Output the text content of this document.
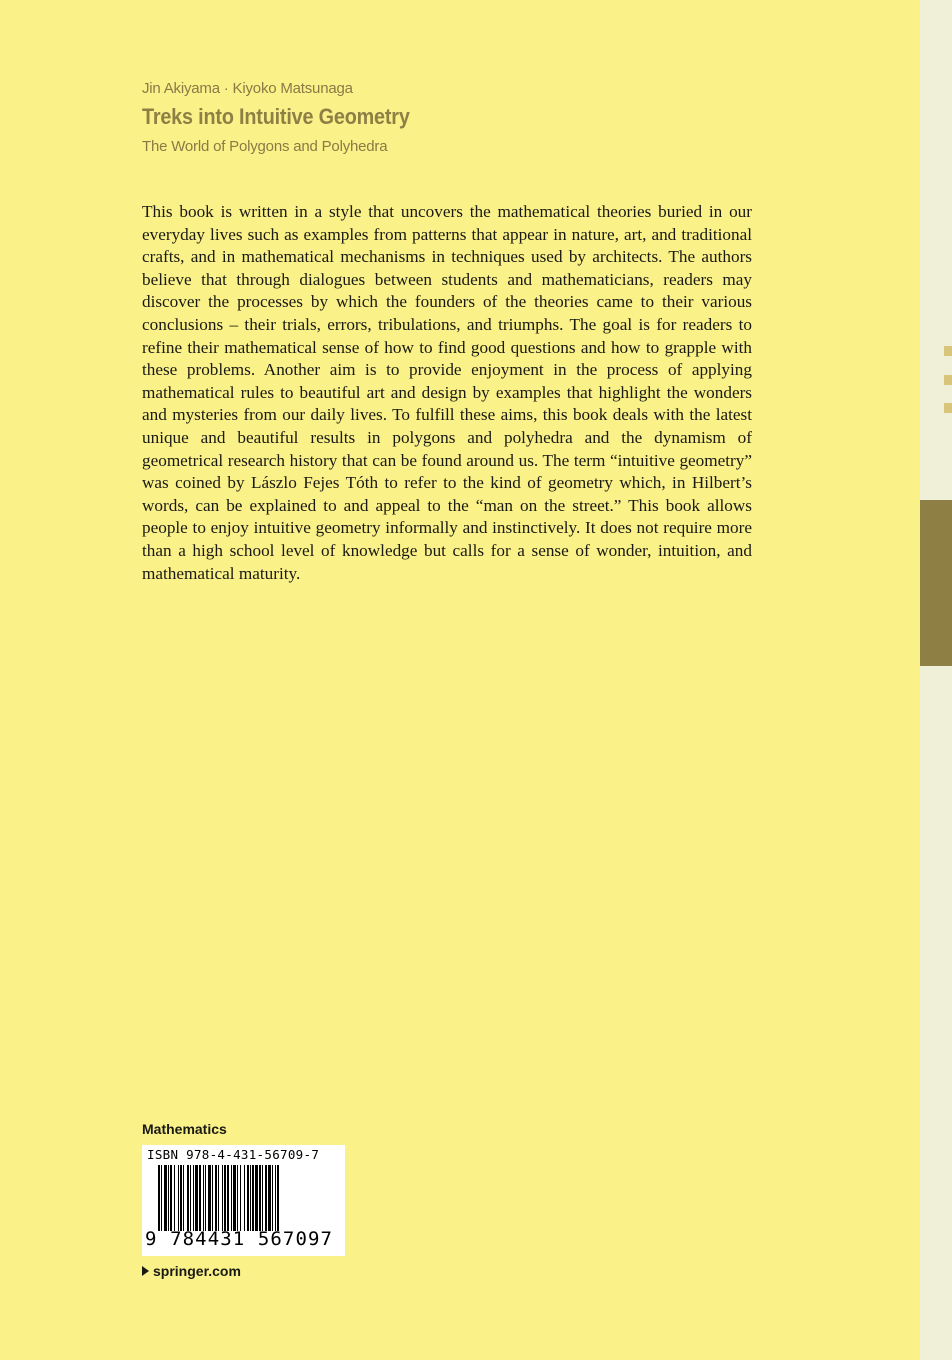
Jin Akiyama · Kiyoko Matsunaga
Treks into Intuitive Geometry
The World of Polygons and Polyhedra

This book is written in a style that uncovers the mathematical theories buried in our everyday lives such as examples from patterns that appear in nature, art, and traditional crafts, and in mathematical mechanisms in techniques used by architects. The authors believe that through dialogues between students and mathematicians, readers may discover the processes by which the founders of the theories came to their various conclusions – their trials, errors, tribulations, and triumphs. The goal is for readers to refine their mathematical sense of how to find good questions and how to grapple with these problems. Another aim is to provide enjoyment in the process of applying mathematical rules to beautiful art and design by examples that highlight the wonders and mysteries from our daily lives. To fulfill these aims, this book deals with the latest unique and beautiful results in polygons and polyhedra and the dynamism of geometrical research history that can be found around us. The term “intuitive geometry” was coined by Lászlo Fejes Tóth to refer to the kind of geometry which, in Hilbert’s words, can be explained to and appeal to the “man on the street.” This book allows people to enjoy intuitive geometry informally and instinctively. It does not require more than a high school level of knowledge but calls for a sense of wonder, intuition, and mathematical maturity.

Mathematics
ISBN 978-4-431-56709-7
9 784431 567097
springer.com
